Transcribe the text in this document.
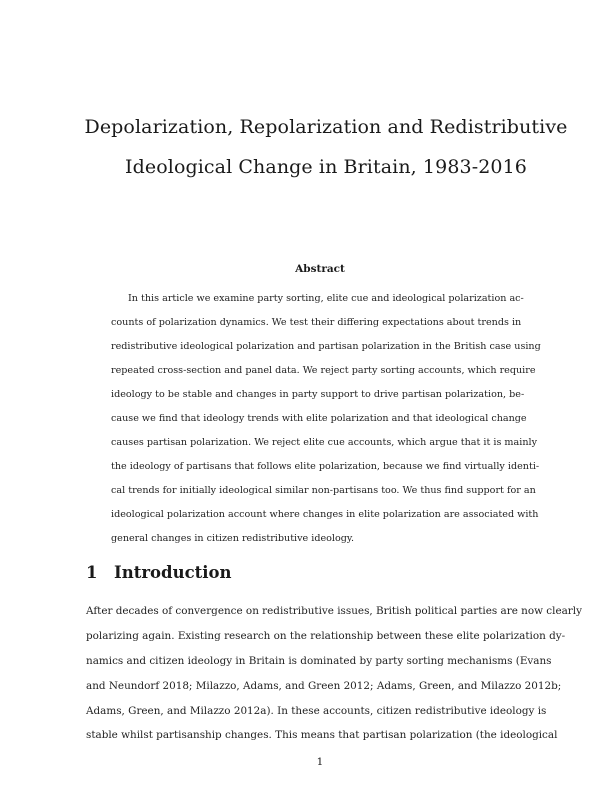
Depolarization, Repolarization and Redistributive
Ideological Change in Britain, 1983-2016
Abstract
In this article we examine party sorting, elite cue and ideological polarization ac-
counts of polarization dynamics. We test their differing expectations about trends in
redistributive ideological polarization and partisan polarization in the British case using
repeated cross-section and panel data. We reject party sorting accounts, which require
ideology to be stable and changes in party support to drive partisan polarization, be-
cause we find that ideology trends with elite polarization and that ideological change
causes partisan polarization. We reject elite cue accounts, which argue that it is mainly
the ideology of partisans that follows elite polarization, because we find virtually identi-
cal trends for initially ideological similar non-partisans too. We thus find support for an
ideological polarization account where changes in elite polarization are associated with
general changes in citizen redistributive ideology.
1 Introduction
After decades of convergence on redistributive issues, British political parties are now clearly
polarizing again. Existing research on the relationship between these elite polarization dy-
namics and citizen ideology in Britain is dominated by party sorting mechanisms (Evans
and Neundorf 2018; Milazzo, Adams, and Green 2012; Adams, Green, and Milazzo 2012b;
Adams, Green, and Milazzo 2012a). In these accounts, citizen redistributive ideology is
stable whilst partisanship changes. This means that partisan polarization (the ideological
1
